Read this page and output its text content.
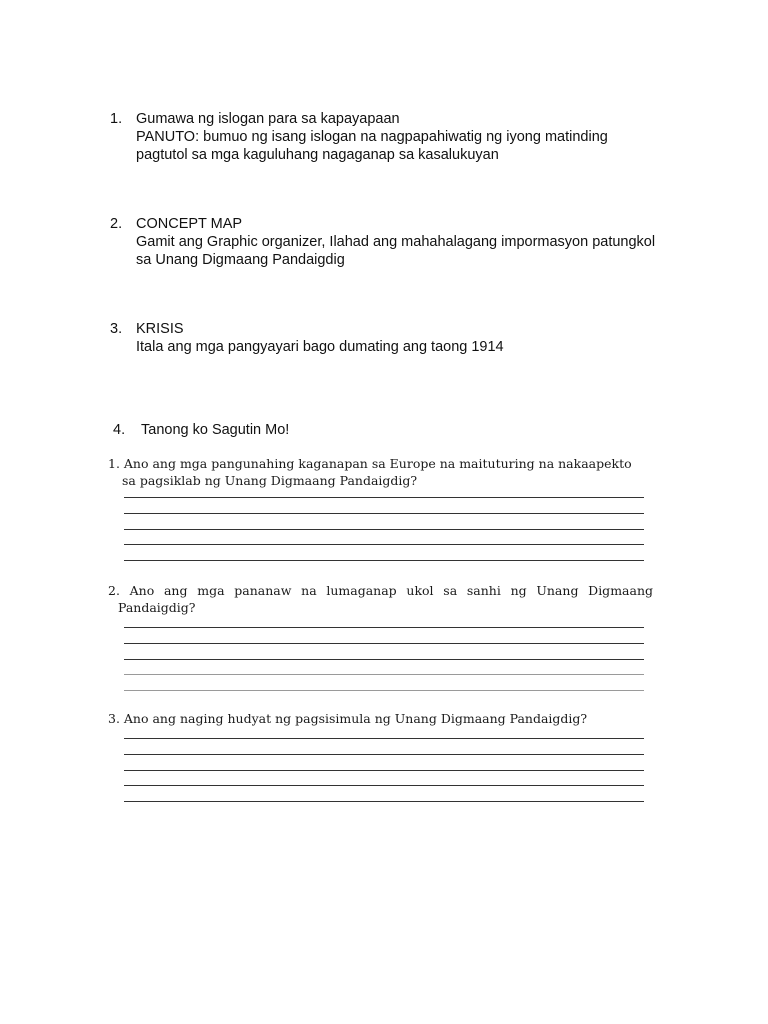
1. Gumawa ng islogan para sa kapayapaan
PANUTO: bumuo ng isang islogan na nagpapahiwatig ng iyong matinding
pagtutol sa mga kaguluhang nagaganap sa kasalukuyan
2. CONCEPT MAP
Gamit ang Graphic organizer, Ilahad ang mahahalagang impormasyon patungkol
sa Unang Digmaang Pandaigdig
3. KRISIS
Itala ang mga pangyayari bago dumating ang taong 1914
4.	Tanong ko Sagutin Mo!
1. Ano ang mga pangunahing kaganapan sa Europe na maituturing na nakaapekto
sa pagsiklab ng Unang Digmaang Pandaigdig?
2. Ano ang mga pananaw na lumaganap ukol sa sanhi ng Unang Digmaang
Pandaigdig?
3. Ano ang naging hudyat ng pagsisimula ng Unang Digmaang Pandaigdig?
